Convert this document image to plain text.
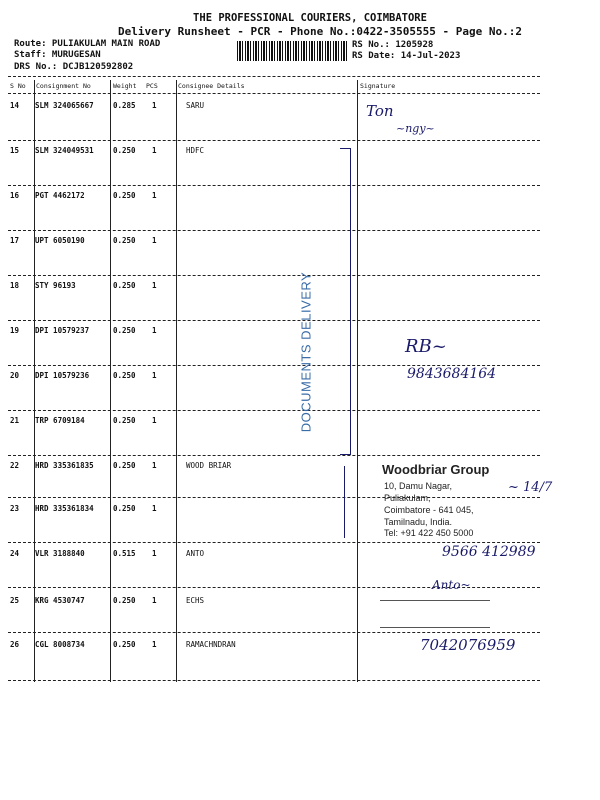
THE PROFESSIONAL COURIERS, COIMBATORE
Delivery Runsheet - PCR - Phone No.:0422-3505555 - Page No.:2
Route: PULIAKULAM MAIN ROAD
Staff: MURUGESAN
DRS No.: DCJB120592802
RS No.: 1205928
RS Date: 14-Jul-2023
S No Consignment No	Weight PCS	Consignee Details	Signature
14 SLM 324065667	0.285 1	SARU
15 SLM 324049531	0.250 1	HDFC
16 PGT 4462172	0.250 1
17 UPT 6050190	0.250 1
18 STY 96193	0.250 1
19 DPI 10579237	0.250 1
20 DPI 10579236	0.250 1
21 TRP 6709184	0.250 1
22 HRD 335361835	0.250 1	WOOD BRIAR
23 HRD 335361834	0.250 1
24 VLR 3188840	0.515 1	ANTO
25 KRG 4530747	0.250 1	ECHS
26 CGL 8008734	0.250 1	RAMACHNDRAN
DOCUMENTS DELIVERY
Ton
~ngy~
RB~
9843684164
9566 412989
Anto~
7042076959
Woodbriar Group
10, Damu Nagar,
Puliakulam,
Coimbatore - 641 045,
Tamilnadu, India.
Tel: +91 422 450 5000
~ 14/7
